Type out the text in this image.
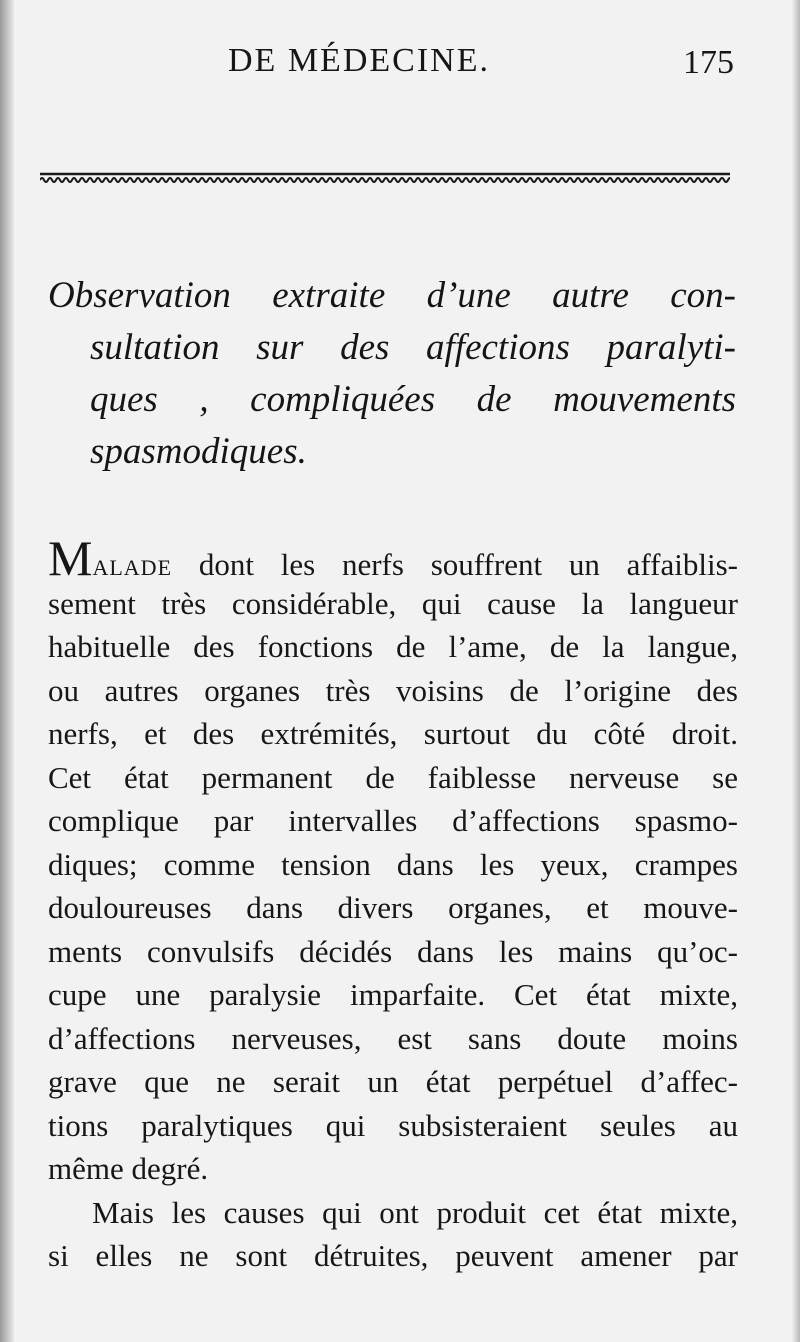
DE MÉDECINE.	175
Observation extraite d’une autre con-
sultation sur des affections paralyti-
ques , compliquées de mouvements
spasmodiques.
Malade dont les nerfs souffrent un affaiblis-
sement très considérable, qui cause la langueur
habituelle des fonctions de l’ame, de la langue,
ou autres organes très voisins de l’origine des
nerfs, et des extrémités, surtout du côté droit.
Cet état permanent de faiblesse nerveuse se
complique par intervalles d’affections spasmo-
diques; comme tension dans les yeux, crampes
douloureuses dans divers organes, et mouve-
ments convulsifs décidés dans les mains qu’oc-
cupe une paralysie imparfaite. Cet état mixte,
d’affections nerveuses, est sans doute moins
grave que ne serait un état perpétuel d’affec-
tions paralytiques qui subsisteraient seules au
même degré.
Mais les causes qui ont produit cet état mixte,
si elles ne sont détruites, peuvent amener par
